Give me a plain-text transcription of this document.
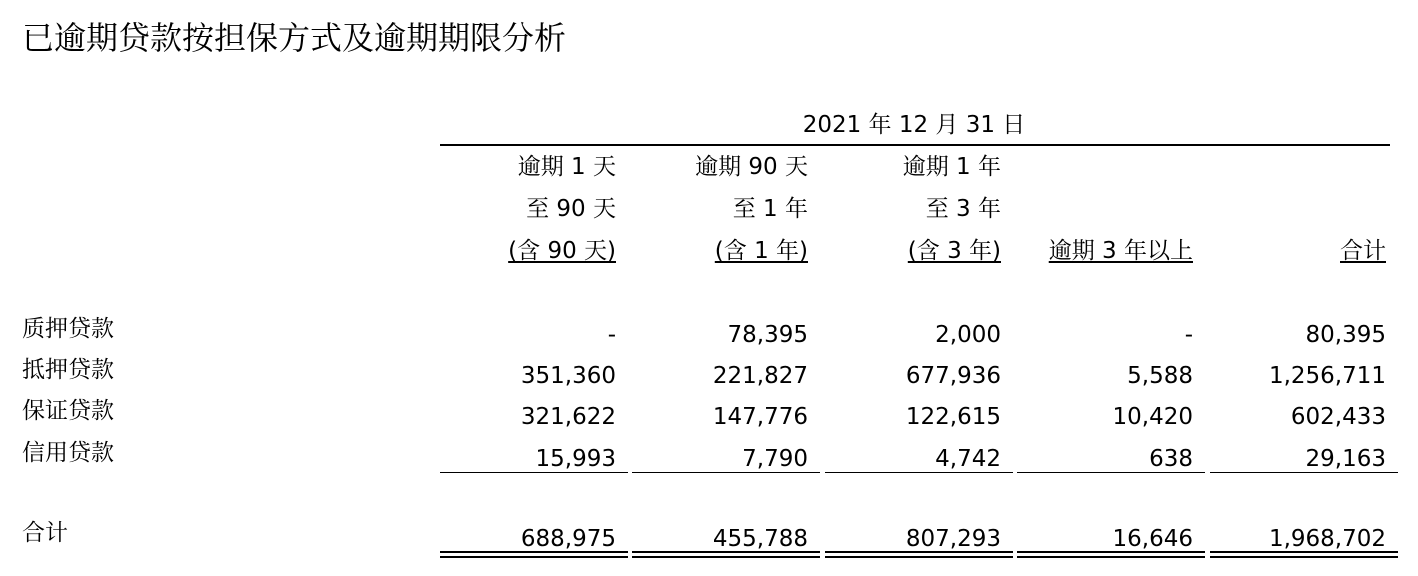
已逾期贷款按担保方式及逾期期限分析
2021 年 12 月 31 日
逾期 1 天
至 90 天
(含 90 天)
-
351,360
321,622
15,993
688,975
逾期 90 天
至 1 年
(含 1 年)
78,395
221,827
147,776
7,790
455,788
逾期 1 年
至 3 年
(含 3 年)
2,000
677,936
122,615
4,742
807,293
逾期 3 年以上
-
5,588
10,420
638
16,646
合计
80,395
1,256,711
602,433
29,163
1,968,702
质押贷款
抵押贷款
保证贷款
信用贷款
合计
